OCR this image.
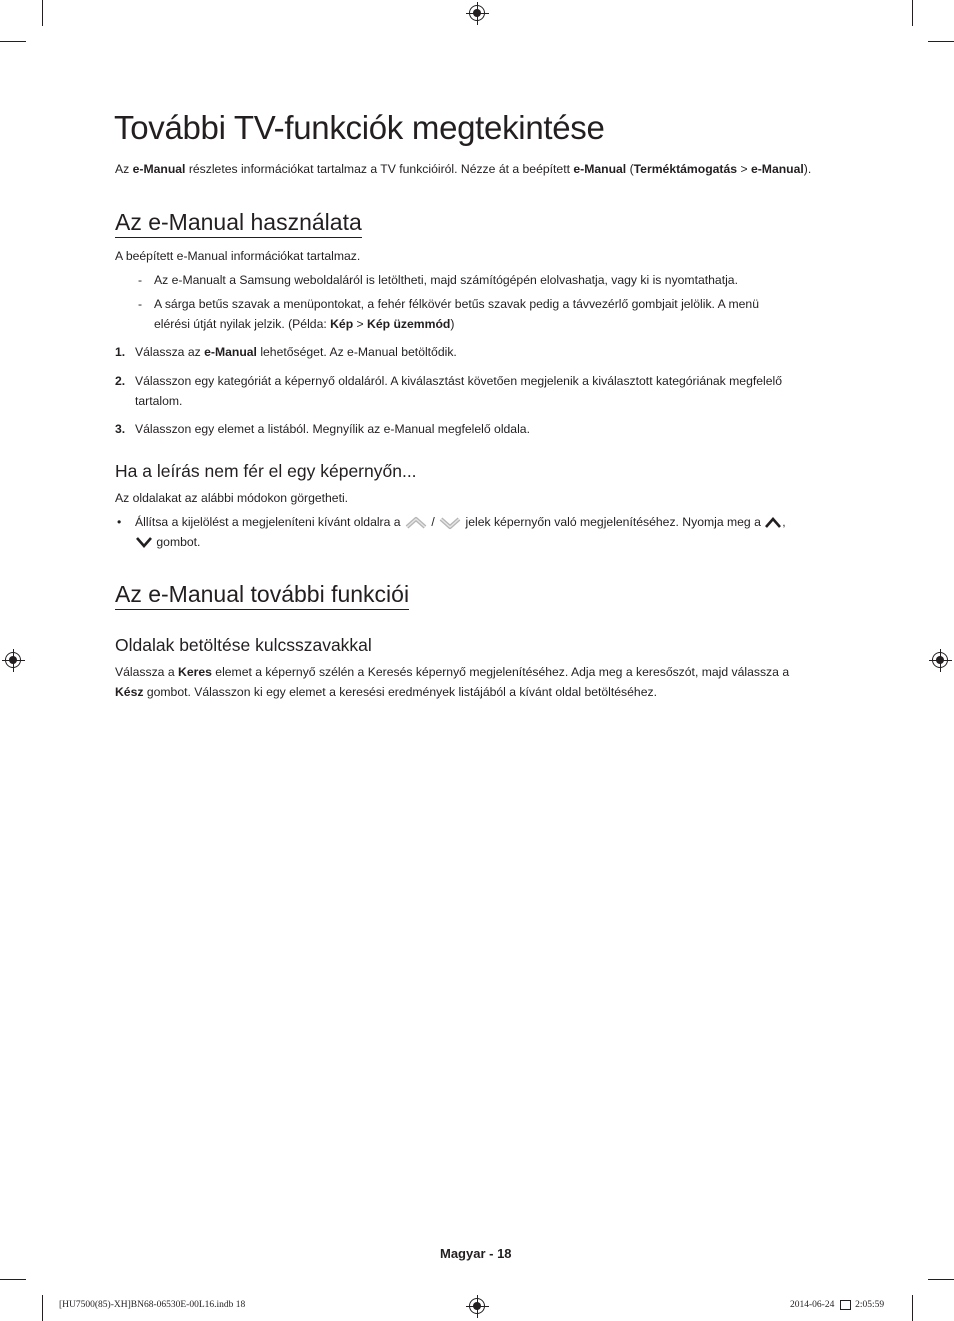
További TV-funkciók megtekintése
Az e-Manual részletes információkat tartalmaz a TV funkcióiról. Nézze át a beépített e-Manual (Terméktámogatás > e-Manual).
Az e-Manual használata
A beépített e-Manual információkat tartalmaz.
- Az e-Manualt a Samsung weboldaláról is letöltheti, majd számítógépén elolvashatja, vagy ki is nyomtathatja.
- A sárga betűs szavak a menüpontokat, a fehér félkövér betűs szavak pedig a távvezérlő gombjait jelölik. A menü
elérési útját nyilak jelzik. (Példa: Kép > Kép üzemmód)
1. Válassza az e-Manual lehetőséget. Az e-Manual betöltődik.
2. Válasszon egy kategóriát a képernyő oldaláról. A kiválasztást követően megjelenik a kiválasztott kategóriának megfelelő
tartalom.
3. Válasszon egy elemet a listából. Megnyílik az e-Manual megfelelő oldala.
Ha a leírás nem fér el egy képernyőn...
Az oldalakat az alábbi módokon görgetheti.
• Állítsa a kijelölést a megjeleníteni kívánt oldalra a  /  jelek képernyőn való megjelenítéséhez. Nyomja meg a ,
gombot.
Az e-Manual további funkciói
Oldalak betöltése kulcsszavakkal
Válassza a Keres elemet a képernyő szélén a Keresés képernyő megjelenítéséhez. Adja meg a keresőszót, majd válassza a
Kész gombot. Válasszon ki egy elemet a keresési eredmények listájából a kívánt oldal betöltéséhez.
Magyar - 18
[HU7500(85)-XH]BN68-06530E-00L16.indb 18	2014-06-24 2:05:59
